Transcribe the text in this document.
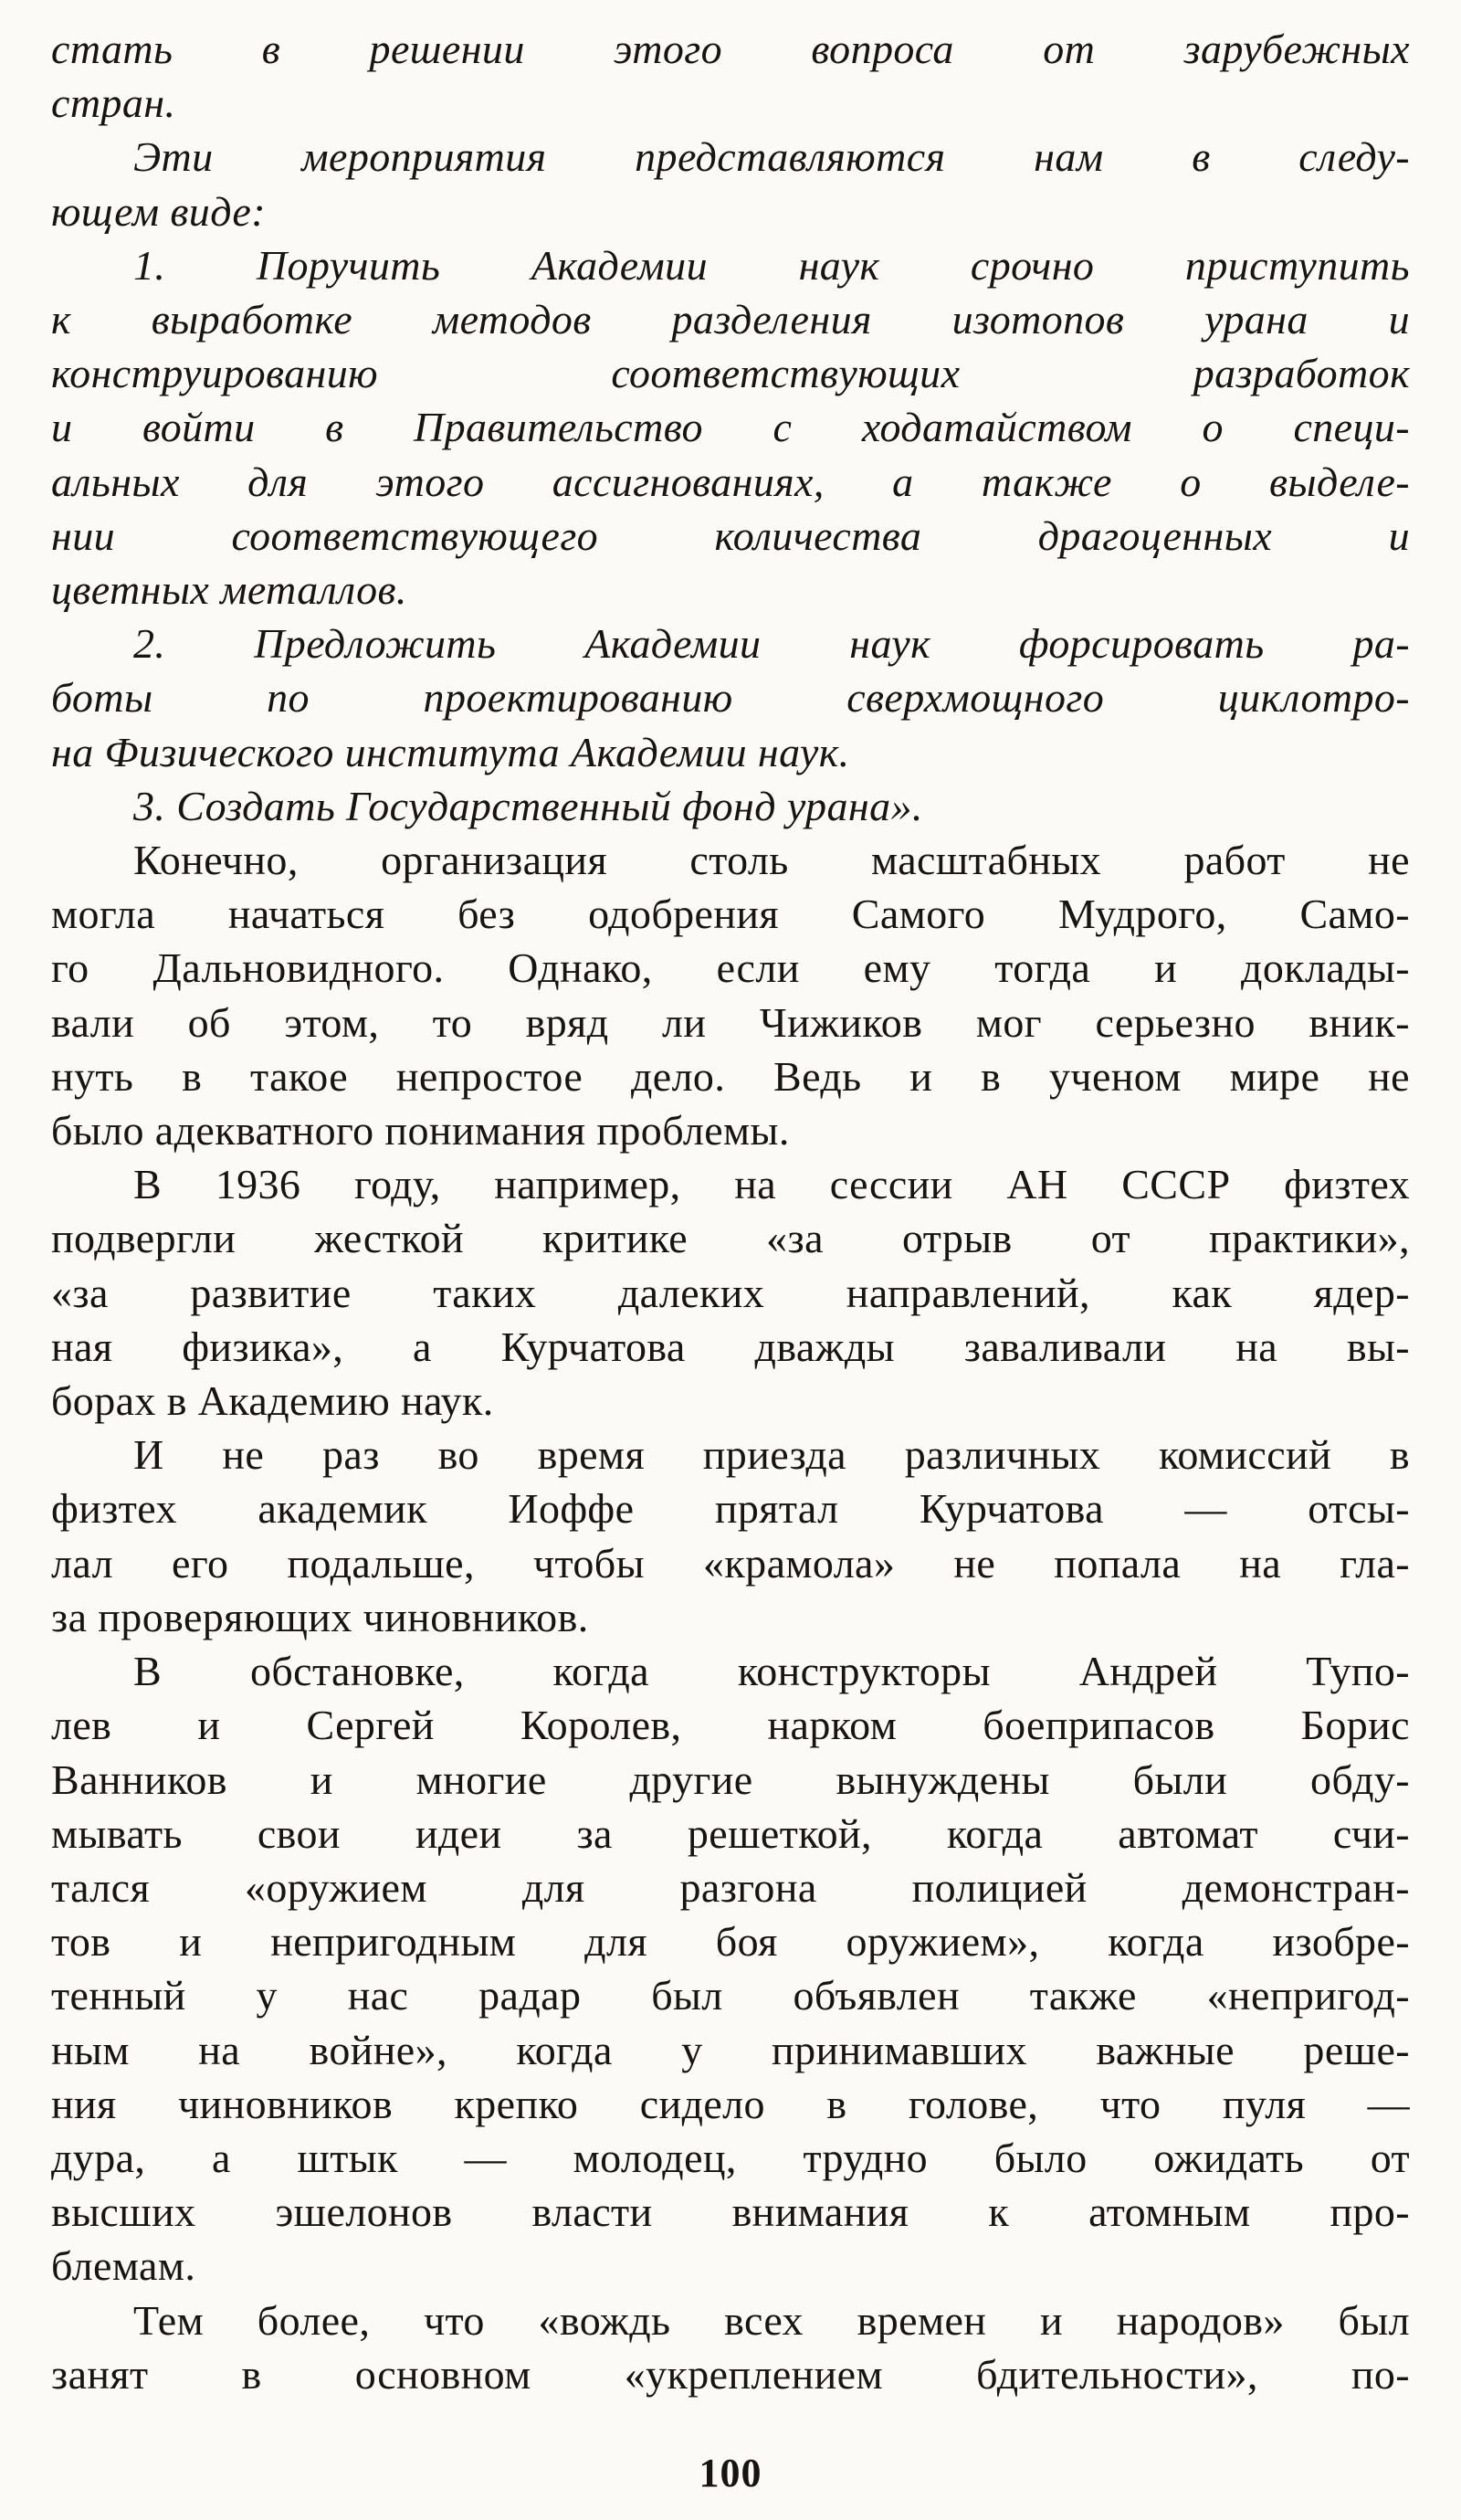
стать в решении этого вопроса от зарубежных
стран.
Эти мероприятия представляются нам в следу-
ющем виде:
1. Поручить Академии наук срочно приступить
к выработке методов разделения изотопов урана и
конструированию соответствующих разработок
и войти в Правительство с ходатайством о специ-
альных для этого ассигнованиях, а также о выделе-
нии соответствующего количества драгоценных и
цветных металлов.
2. Предложить Академии наук форсировать ра-
боты по проектированию сверхмощного циклотро-
на Физического института Академии наук.
3. Создать Государственный фонд урана».
Конечно, организация столь масштабных работ не
могла начаться без одобрения Самого Мудрого, Само-
го Дальновидного. Однако, если ему тогда и доклады-
вали об этом, то вряд ли Чижиков мог серьезно вник-
нуть в такое непростое дело. Ведь и в ученом мире не
было адекватного понимания проблемы.
В 1936 году, например, на сессии АН СССР физтех
подвергли жесткой критике «за отрыв от практики»,
«за развитие таких далеких направлений, как ядер-
ная физика», а Курчатова дважды заваливали на вы-
борах в Академию наук.
И не раз во время приезда различных комиссий в
физтех академик Иоффе прятал Курчатова — отсы-
лал его подальше, чтобы «крамола» не попала на гла-
за проверяющих чиновников.
В обстановке, когда конструкторы Андрей Тупо-
лев и Сергей Королев, нарком боеприпасов Борис
Ванников и многие другие вынуждены были обду-
мывать свои идеи за решеткой, когда автомат счи-
тался «оружием для разгона полицией демонстран-
тов и непригодным для боя оружием», когда изобре-
тенный у нас радар был объявлен также «непригод-
ным на войне», когда у принимавших важные реше-
ния чиновников крепко сидело в голове, что пуля —
дура, а штык — молодец, трудно было ожидать от
высших эшелонов власти внимания к атомным про-
блемам.
Тем более, что «вождь всех времен и народов» был
занят в основном «укреплением бдительности», по-
100
